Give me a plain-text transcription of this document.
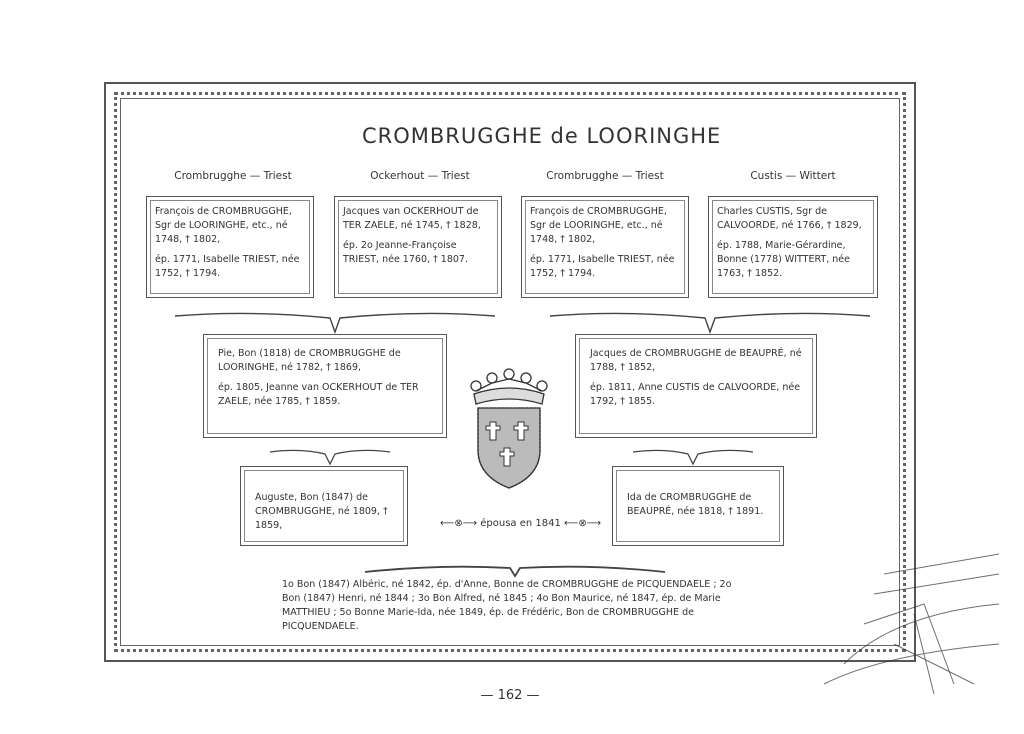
CROMBRUGGHE de LOORINGHE
Crombrugghe — Triest	Ockerhout — Triest	Crombrugghe — Triest	Custis — Wittert

François de CROMBRUGGHE, Sgr de LOORINGHE, etc., né 1748, † 1802,

ép. 1771, Isabelle TRIEST, née 1752, † 1794.

Jacques van OCKERHOUT de TER ZAELE, né 1745, † 1828,

ép. 2o Jeanne-Françoise TRIEST, née 1760, † 1807.

François de CROMBRUGGHE, Sgr de LOORINGHE, etc., né 1748, † 1802,

ép. 1771, Isabelle TRIEST, née 1752, † 1794.

Charles CUSTIS, Sgr de CALVOORDE, né 1766, † 1829,

ép. 1788, Marie-Gérardine, Bonne (1778) WITTERT, née 1763, † 1852.

Pie, Bon (1818) de CROMBRUGGHE de LOORINGHE, né 1782, † 1869,

ép. 1805, Jeanne van OCKERHOUT de TER ZAELE, née 1785, † 1859.

Jacques de CROMBRUGGHE de BEAUPRÉ, né 1788, † 1852,

ép. 1811, Anne CUSTIS de CALVOORDE, née 1792, † 1855.

Auguste, Bon (1847) de CROMBRUGGHE, né 1809, † 1859,

Ida de CROMBRUGGHE de BEAUPRÉ, née 1818, † 1891.

⟵⊗⟶ épousa en 1841 ⟵⊗⟶
1o Bon (1847) Albéric, né 1842, ép. d'Anne, Bonne de CROMBRUGGHE de PICQUENDAELE ; 2o Bon (1847) Henri, né 1844 ; 3o Bon Alfred, né 1845 ; 4o Bon Maurice, né 1847, ép. de Marie MATTHIEU ; 5o Bonne Marie-Ida, née 1849, ép. de Frédéric, Bon de CROMBRUGGHE de PICQUENDAELE.
— 162 —
